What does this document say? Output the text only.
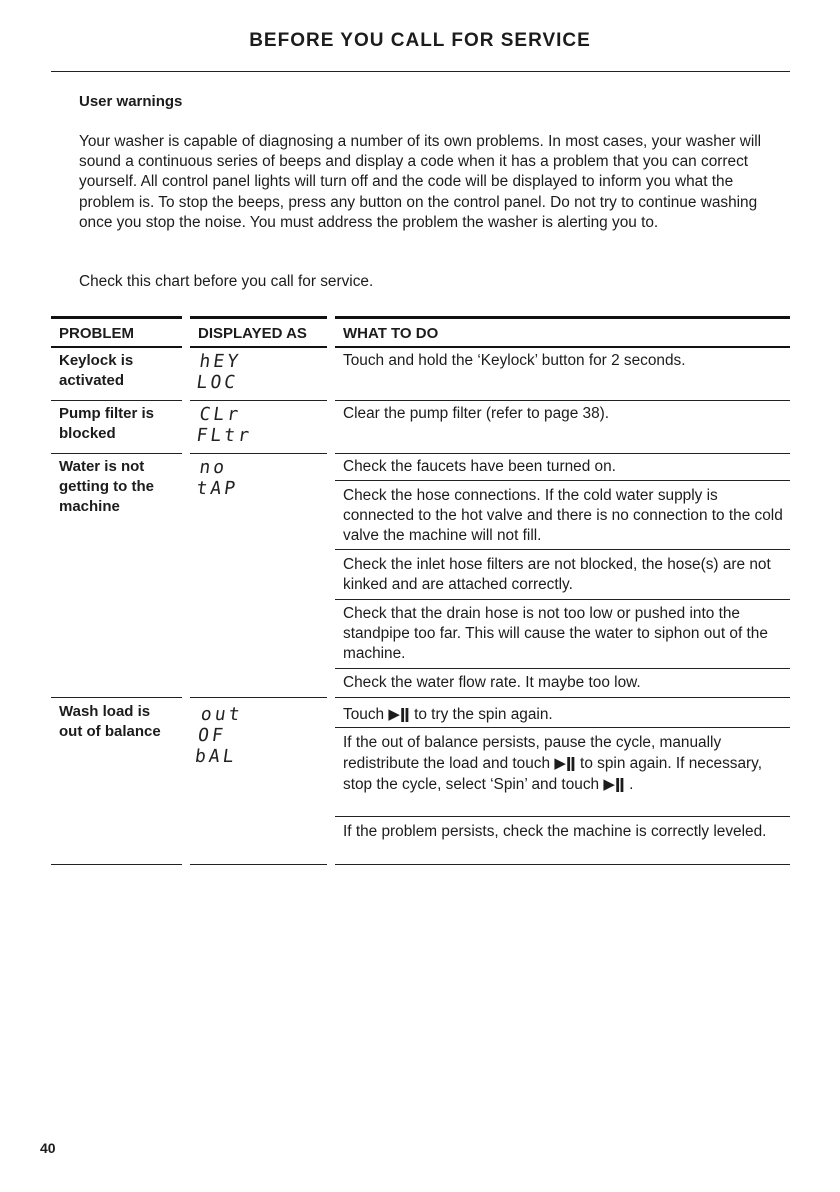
BEFORE YOU CALL FOR SERVICE
User warnings
Your washer is capable of diagnosing a number of its own problems. In most cases, your washer will sound a continuous series of beeps and display a code when it has a problem that you can correct yourself. All control panel lights will turn off and the code will be displayed to inform you what the problem is. To stop the beeps, press any button on the control panel. Do not try to continue washing once you stop the noise. You must address the problem the washer is alerting you to.
Check this chart before you call for service.
PROBLEM	DISPLAYED AS	WHAT TO DO
Keylock is activated
hEY
LOC
Touch and hold the ‘Keylock’ button for 2 seconds.
Pump filter is blocked
CLr
FLtr
Clear the pump filter (refer to page 38).
Water is not getting to the machine
no
tAP
Check the faucets have been turned on.
Check the hose connections. If the cold water supply is connected to the hot valve and there is no connection to the cold valve the machine will not fill.
Check the inlet hose filters are not blocked, the hose(s) are not kinked and are attached correctly.
Check that the drain hose is not too low or pushed into the standpipe too far. This will cause the water to siphon out of the machine.
Check the water flow rate. It maybe too low.
Wash load is out of balance
out
OF
bAL
Touch ▶ǁ to try the spin again.
If the out of balance persists, pause the cycle, manually redistribute the load and touch ▶ǁ to spin again. If necessary, stop the cycle, select ‘Spin’ and touch ▶ǁ .
If the problem persists, check the machine is correctly leveled.
40
